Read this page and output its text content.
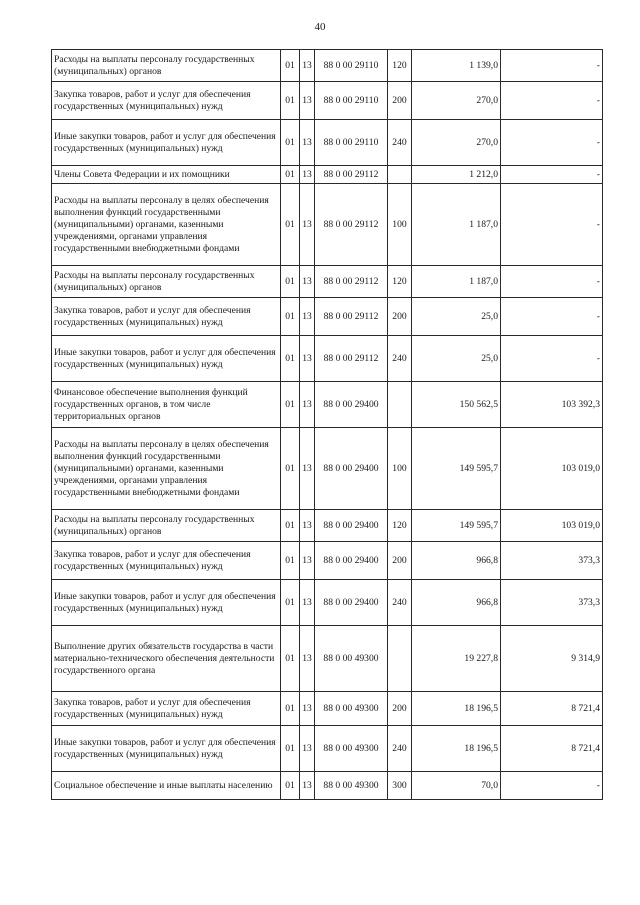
40
Расходы на выплаты персоналу государственных (муниципальных) органов	01	13	88 0 00 29110	120	1 139,0	-
Закупка товаров, работ и услуг для обеспечения государственных (муниципальных) нужд	01	13	88 0 00 29110	200	270,0	-
Иные закупки товаров, работ и услуг для обеспечения государственных (муниципальных) нужд	01	13	88 0 00 29110	240	270,0	-
Члены Совета Федерации и их помощники	01	13	88 0 00 29112		1 212,0	-
Расходы на выплаты персоналу в целях обеспечения выполнения функций государственными (муниципальными) органами, казенными учреждениями, органами управления государственными внебюджетными фондами	01	13	88 0 00 29112	100	1 187,0	-
Расходы на выплаты персоналу государственных (муниципальных) органов	01	13	88 0 00 29112	120	1 187,0	-
Закупка товаров, работ и услуг для обеспечения государственных (муниципальных) нужд	01	13	88 0 00 29112	200	25,0	-
Иные закупки товаров, работ и услуг для обеспечения государственных (муниципальных) нужд	01	13	88 0 00 29112	240	25,0	-
Финансовое обеспечение выполнения функций государственных органов, в том числе территориальных органов	01	13	88 0 00 29400		150 562,5	103 392,3
Расходы на выплаты персоналу в целях обеспечения выполнения функций государственными (муниципальными) органами, казенными учреждениями, органами управления государственными внебюджетными фондами	01	13	88 0 00 29400	100	149 595,7	103 019,0
Расходы на выплаты персоналу государственных (муниципальных) органов	01	13	88 0 00 29400	120	149 595,7	103 019,0
Закупка товаров, работ и услуг для обеспечения государственных (муниципальных) нужд	01	13	88 0 00 29400	200	966,8	373,3
Иные закупки товаров, работ и услуг для обеспечения государственных (муниципальных) нужд	01	13	88 0 00 29400	240	966,8	373,3
Выполнение других обязательств государства в части материально-технического обеспечения деятельности государственного органа	01	13	88 0 00 49300		19 227,8	9 314,9
Закупка товаров, работ и услуг для обеспечения государственных (муниципальных) нужд	01	13	88 0 00 49300	200	18 196,5	8 721,4
Иные закупки товаров, работ и услуг для обеспечения государственных (муниципальных) нужд	01	13	88 0 00 49300	240	18 196,5	8 721,4
Социальное обеспечение и иные выплаты населению	01	13	88 0 00 49300	300	70,0	-
